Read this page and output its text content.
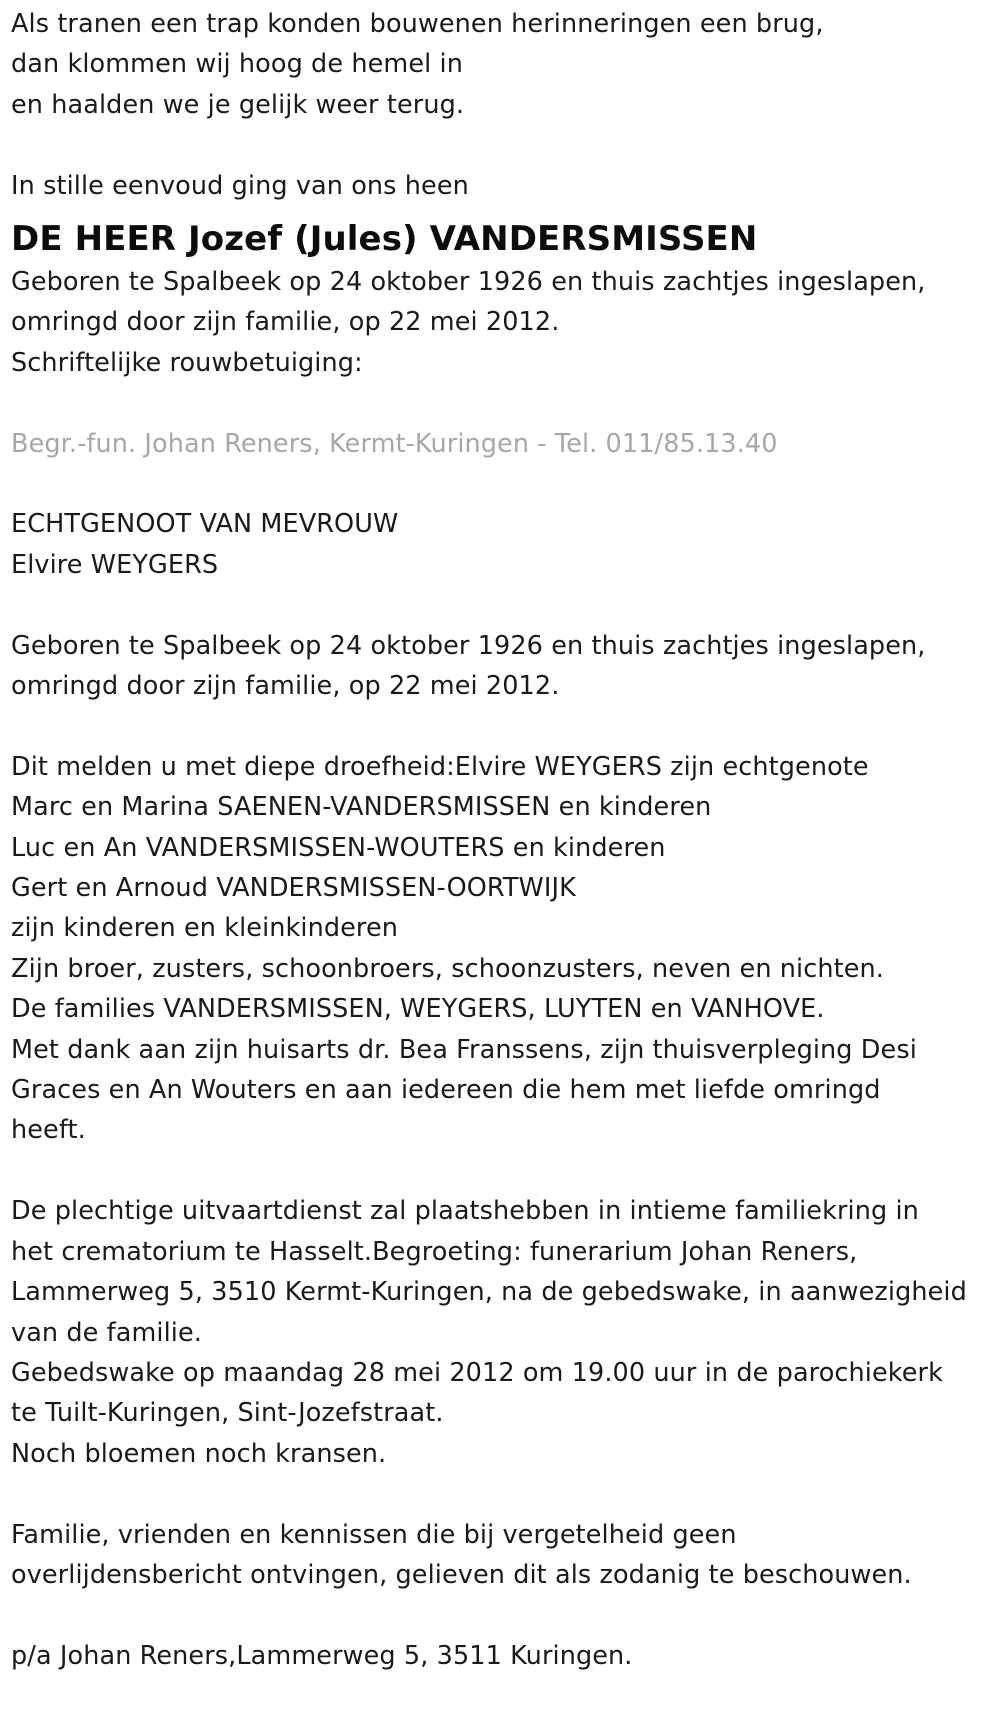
Als tranen een trap konden bouwenen herinneringen een brug,
dan klommen wij hoog de hemel in
en haalden we je gelijk weer terug.
In stille eenvoud ging van ons heen
DE HEER Jozef (Jules) VANDERSMISSEN
Geboren te Spalbeek op 24 oktober 1926 en thuis zachtjes ingeslapen,
omringd door zijn familie, op 22 mei 2012.
Schriftelijke rouwbetuiging:
Begr.-fun. Johan Reners, Kermt-Kuringen - Tel. 011/85.13.40
ECHTGENOOT VAN MEVROUW
Elvire WEYGERS
Geboren te Spalbeek op 24 oktober 1926 en thuis zachtjes ingeslapen,
omringd door zijn familie, op 22 mei 2012.
Dit melden u met diepe droefheid:Elvire WEYGERS zijn echtgenote
Marc en Marina SAENEN-VANDERSMISSEN en kinderen
Luc en An VANDERSMISSEN-WOUTERS en kinderen
Gert en Arnoud VANDERSMISSEN-OORTWIJK
zijn kinderen en kleinkinderen
Zijn broer, zusters, schoonbroers, schoonzusters, neven en nichten.
De families VANDERSMISSEN, WEYGERS, LUYTEN en VANHOVE.
Met dank aan zijn huisarts dr. Bea Franssens, zijn thuisverpleging Desi
Graces en An Wouters en aan iedereen die hem met liefde omringd
heeft.
De plechtige uitvaartdienst zal plaatshebben in intieme familiekring in
het crematorium te Hasselt.Begroeting: funerarium Johan Reners,
Lammerweg 5, 3510 Kermt-Kuringen, na de gebedswake, in aanwezigheid
van de familie.
Gebedswake op maandag 28 mei 2012 om 19.00 uur in de parochiekerk
te Tuilt-Kuringen, Sint-Jozefstraat.
Noch bloemen noch kransen.
Familie, vrienden en kennissen die bij vergetelheid geen
overlijdensbericht ontvingen, gelieven dit als zodanig te beschouwen.
p/a Johan Reners,Lammerweg 5, 3511 Kuringen.
